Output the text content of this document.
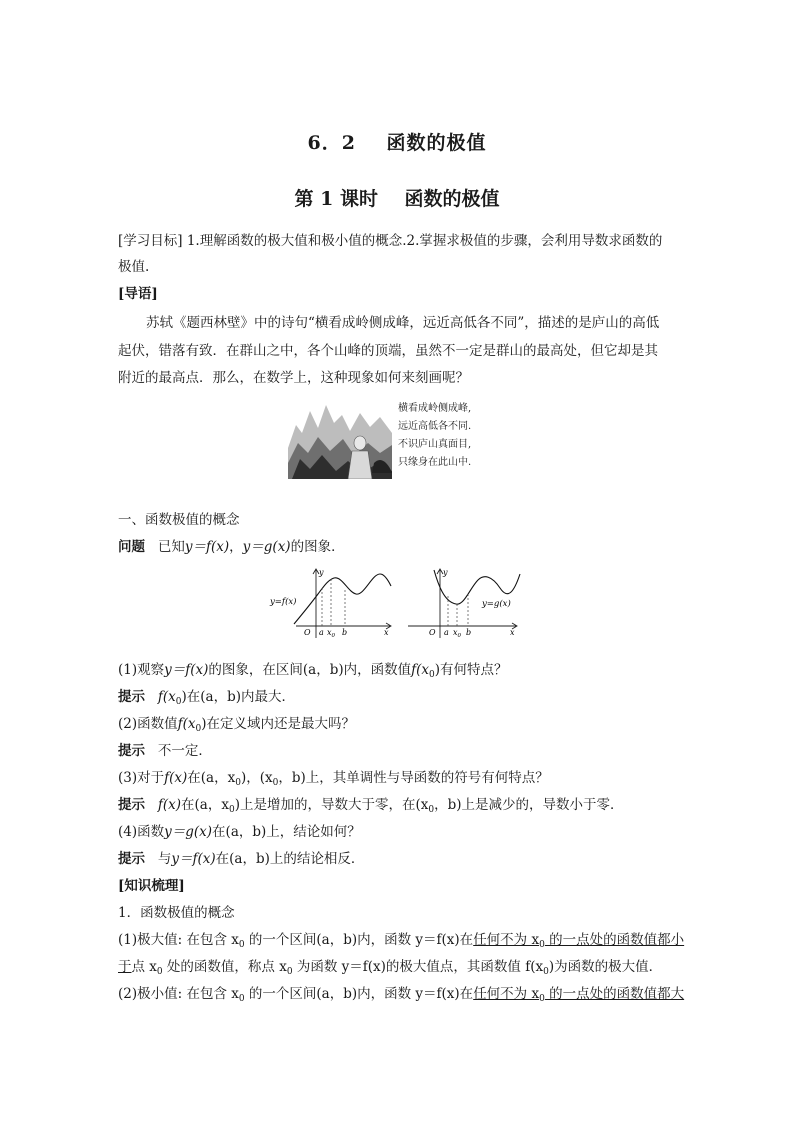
6．2 函数的极值
第 1 课时 函数的极值
[学习目标] 1.理解函数的极大值和极小值的概念.2.掌握求极值的步骤，会利用导数求函数的
极值.
[导语]
苏轼《题西林壁》中的诗句“横看成岭侧成峰，远近高低各不同”，描述的是庐山的高低
起伏，错落有致．在群山之中，各个山峰的顶端，虽然不一定是群山的最高处，但它却是其
附近的最高点．那么，在数学上，这种现象如何来刻画呢？
横看成岭侧成峰,
远近高低各不同.
不识庐山真面目,
只缘身在此山中.
一、函数极值的概念
问题 已知y＝f(x)，y＝g(x)的图象．
y=f(x)
O a $x_0$ b	x
y
y=g(x)
O a $x_0$ b	x
y
(1)观察y＝f(x)的图象，在区间(a，b)内，函数值$f(x_0)$有何特点？
提示 $f(x_0)$在(a，b)内最大．
(2)函数值$f(x_0)$在定义域内还是最大吗？
提示 不一定．
(3)对于f(x)在(a，$x_0$)，($x_0$，b)上，其单调性与导函数的符号有何特点？
提示 f(x)在(a，$x_0$)上是增加的，导数大于零，在($x_0$，b)上是减少的，导数小于零．
(4)函数y＝g(x)在(a，b)上，结论如何？
提示 与y＝f(x)在(a，b)上的结论相反．
[知识梳理]
1．函数极值的概念
(1)极大值: 在包含 $x_0$ 的一个区间(a，b)内，函数 y＝f(x)在任何不为 $x_0$ 的一点处的函数值都小
于点 $x_0$ 处的函数值，称点 $x_0$ 为函数 y＝f(x)的极大值点，其函数值 $f(x_0)$为函数的极大值．
(2)极小值: 在包含 $x_0$ 的一个区间(a，b)内，函数 y＝f(x)在任何不为 $x_0$ 的一点处的函数值都大
